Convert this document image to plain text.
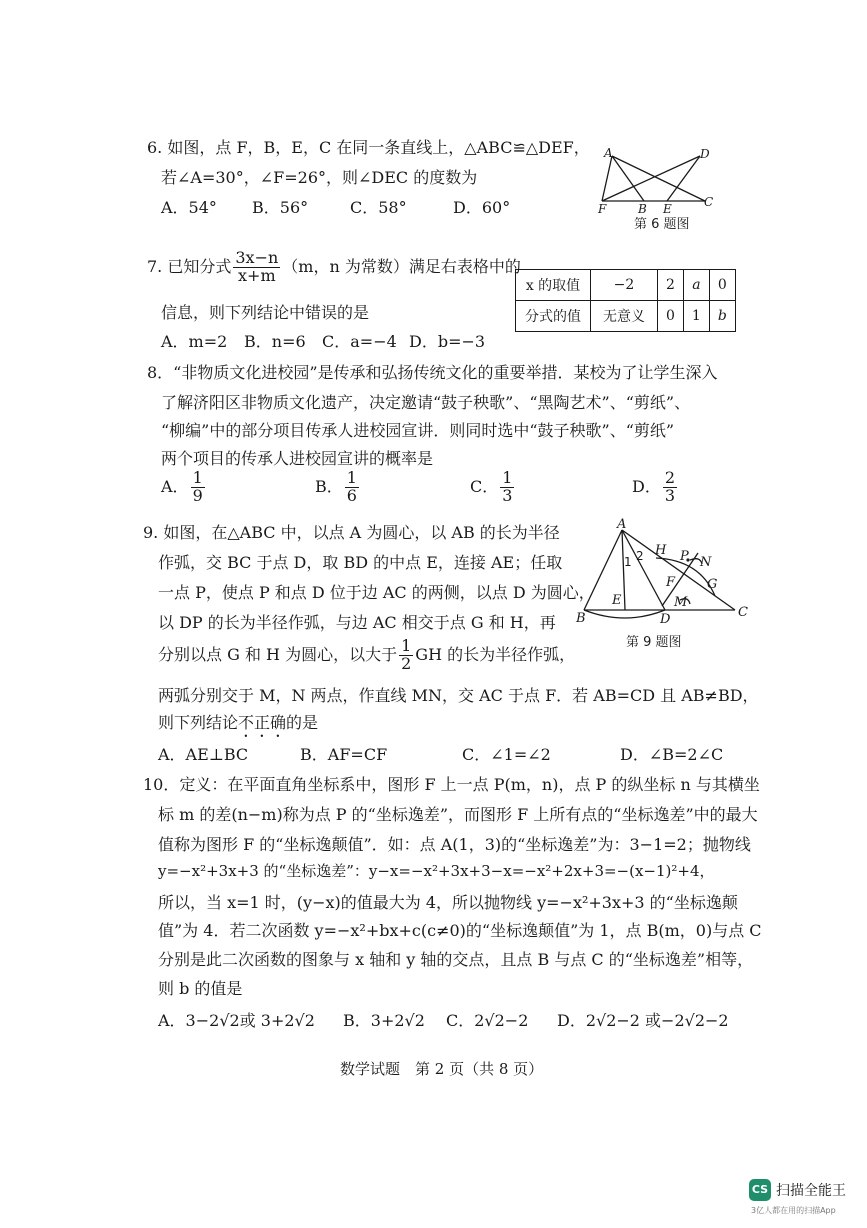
6. 如图，点 F，B，E，C 在同一条直线上，△ABC≌△DEF，
若∠A=30°，∠F=26°，则∠DEC 的度数为
A．54° B．56°	C．58°	D．60°
A	D
F	B E	C
第 6 题图
7. 已知分式 $\frac{3x-n}{x+m} (m$，n 为常数）满足右表格中的
信息，则下列结论中错误的是
A．m=2 B．n=6 C．a=−4 D．b=−3
x 的取值	−2	2	a	0
分式的值	无意义	0	1	b
8．“非物质文化进校园”是传承和弘扬传统文化的重要举措．某校为了让学生深入
了解济阳区非物质文化遗产，决定邀请“鼓子秧歌”、“黑陶艺术”、“剪纸”、
“柳编”中的部分项目传承人进校园宣讲．则同时选中“鼓子秧歌”、“剪纸”
两个项目的传承人进校园宣讲的概率是
A． $\frac{1}{9}$	B． $\frac{1}{6}$	C． $\frac{1}{3}$	D． $\frac{2}{3}$
9. 如图，在△ABC 中，以点 A 为圆心，以 AB 的长为半径
作弧，交 BC 于点 D，取 BD 的中点 E，连接 AE；任取
一点 P，使点 P 和点 D 位于边 AC 的两侧，以点 D 为圆心，
以 DP 的长为半径作弧，与边 AC 相交于点 G 和 H，再
分别以点 G 和 H 为圆心，以大于 $\frac{1}{2}$ GH 的长为半径作弧，
两弧分别交于 M，N 两点，作直线 MN，交 AC 于点 F．若 AB=CD 且 AB≠BD，
则下列结论不正确的是
A．AE⊥BC	B．AF=CF	C．∠1=∠2	D．∠B=2∠C
A
B	C
D
E
F G
H
M
N
P
1 2
第 9 题图
10．定义：在平面直角坐标系中，图形 F 上一点 P(m，n)，点 P 的纵坐标 n 与其横坐
标 m 的差(n−m)称为点 P 的“坐标逸差”，而图形 F 上所有点的“坐标逸差”中的最大
值称为图形 F 的“坐标逸颠值”．如：点 A(1，3)的“坐标逸差”为：3−1=2；抛物线
y=−x²+3x+3 的“坐标逸差”：y−x=−x²+3x+3−x=−x²+2x+3=−(x−1)²+4，
所以，当 x=1 时，(y−x)的值最大为 4，所以抛物线 y=−x²+3x+3 的“坐标逸颠
值”为 4．若二次函数 y=−x²+bx+c(c≠0)的“坐标逸颠值”为 1，点 B(m，0)与点 C
分别是此二次函数的图象与 x 轴和 y 轴的交点，且点 B 与点 C 的“坐标逸差”相等，
则 b 的值是
A．3−2√2或 3+2√2 B．3+2√2 C．2√2−2 D．2√2−2 或−2√2−2
数学试题　第 2 页（共 8 页）
CS 扫描全能王
3亿人都在用的扫描App
